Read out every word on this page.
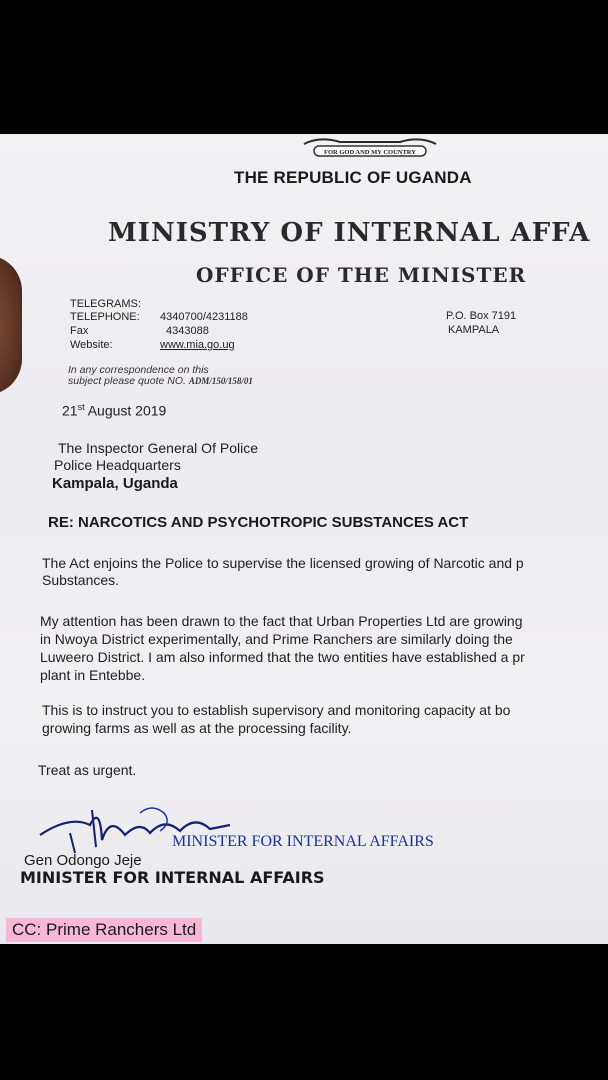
FOR GOD AND MY COUNTRY
THE REPUBLIC OF UGANDA
MINISTRY OF INTERNAL AFFA
OFFICE OF THE MINISTER
TELEGRAMS:
TELEPHONE: 4340700/4231188
Fax	4343088
Website:	www.mia.go.ug
P.O. Box 7191
KAMPALA
In any correspondence on this
subject please quote NO. ADM/150/158/01
21st August 2019
The Inspector General Of Police
Police Headquarters
Kampala, Uganda
RE: NARCOTICS AND PSYCHOTROPIC SUBSTANCES ACT
The Act enjoins the Police to supervise the licensed growing of Narcotic and p
Substances.
My attention has been drawn to the fact that Urban Properties Ltd are growing
in Nwoya District experimentally, and Prime Ranchers are similarly doing the
Luweero District. I am also informed that the two entities have established a pr
plant in Entebbe.
This is to instruct you to establish supervisory and monitoring capacity at bo
growing farms as well as at the processing facility.
Treat as urgent.
MINISTER FOR INTERNAL AFFAIRS
Gen Odongo Jeje
MINISTER FOR INTERNAL AFFAIRS
CC: Prime Ranchers Ltd
